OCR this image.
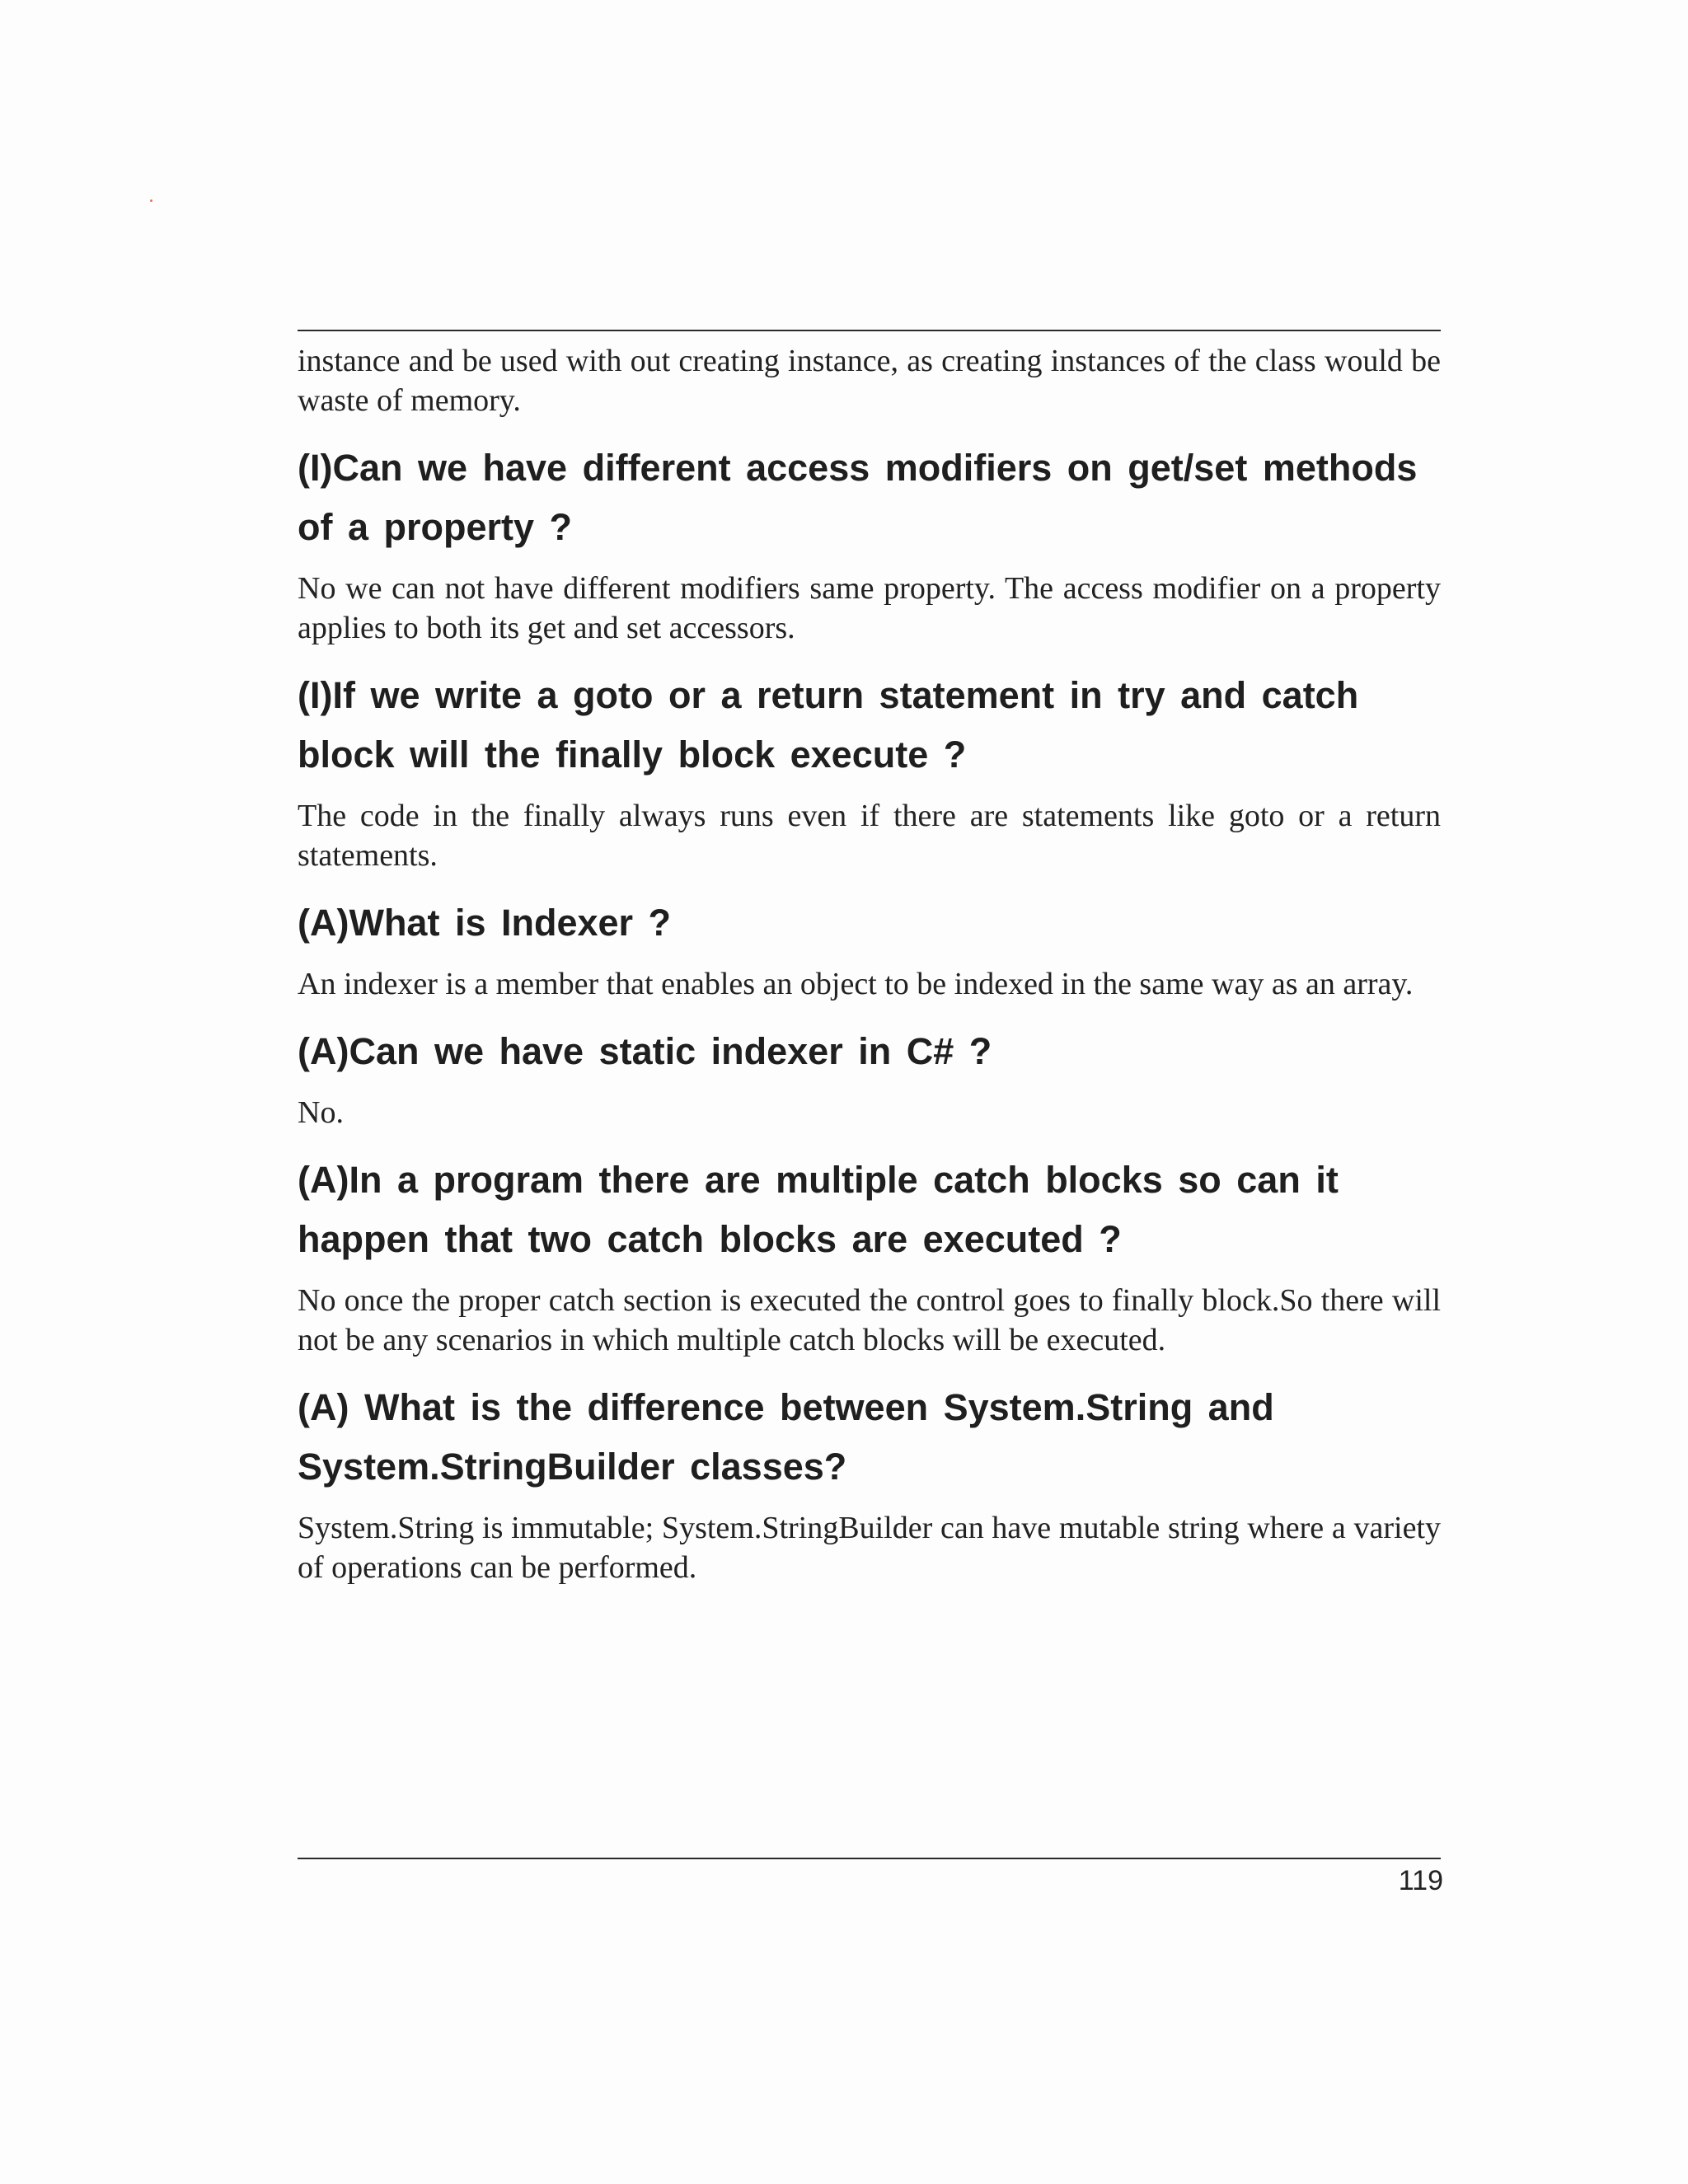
instance and be used with out creating instance, as creating instances of the class would be waste of memory.

(I)Can we have different access modifiers on get/set methods of a property ?

No we can not have different modifiers same property. The access modifier on a property applies to both its get and set accessors.

(I)If we write a goto or a return statement in try and catch block will the finally block execute ?

The code in the finally always runs even if there are statements like goto or a return statements.

(A)What is Indexer ?

An indexer is a member that enables an object to be indexed in the same way as an array.

(A)Can we have static indexer in C# ?

No.

(A)In a program there are multiple catch blocks so can it happen that two catch blocks are executed ?

No once the proper catch section is executed the control goes to finally block.So there will not be any scenarios in which multiple catch blocks will be executed.

(A) What is the difference between System.String and System.StringBuilder classes?

System.String is immutable; System.StringBuilder can have mutable string where a variety of operations can be performed.

119
